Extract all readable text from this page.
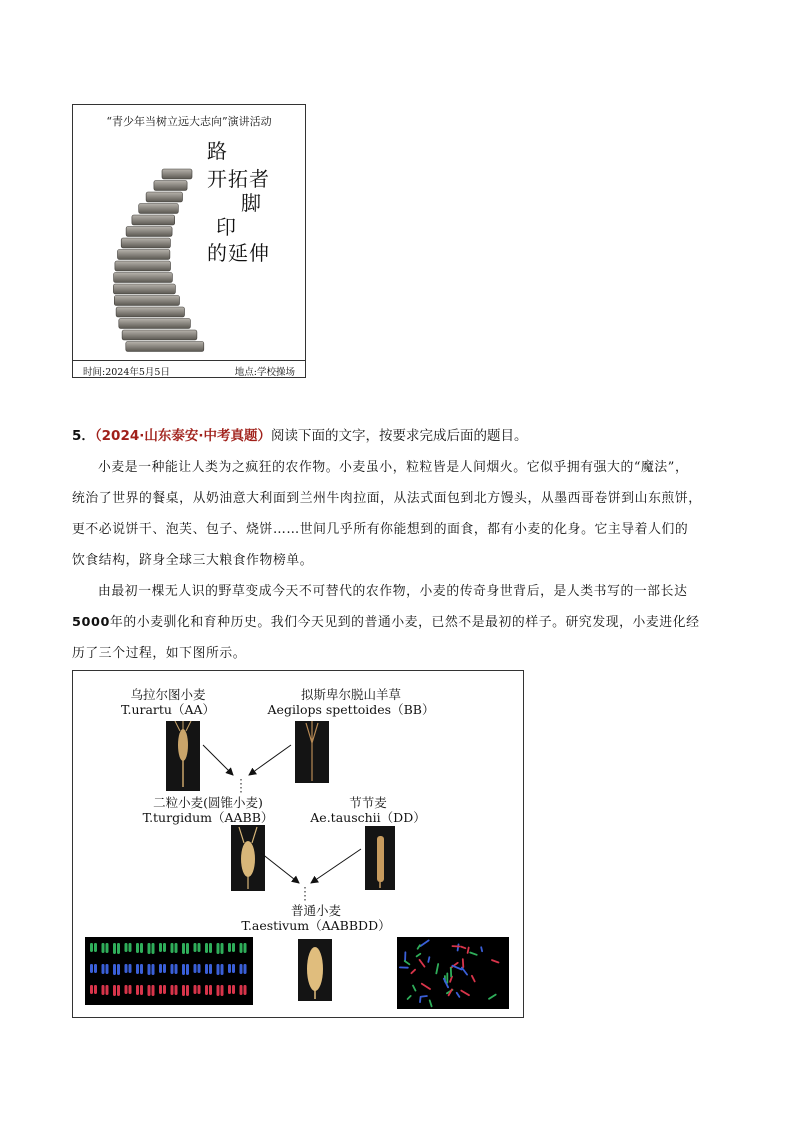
“青少年当树立远大志向”演讲活动
路
开 拓 者
脚
印
的 延 伸
时间:2024年5月5日	地点:学校操场
5．（2024·山东泰安·中考真题）阅读下面的文字，按要求完成后面的题目。
小麦是一种能让人类为之疯狂的农作物。小麦虽小，粒粒皆是人间烟火。它似乎拥有强大的“魔法”，
统治了世界的餐桌，从奶油意大利面到兰州牛肉拉面，从法式面包到北方馒头，从墨西哥卷饼到山东煎饼，
更不必说饼干、泡芙、包子、烧饼……世间几乎所有你能想到的面食，都有小麦的化身。它主导着人们的
饮食结构，跻身全球三大粮食作物榜单。
由最初一棵无人识的野草变成今天不可替代的农作物，小麦的传奇身世背后，是人类书写的一部长达
5000年的小麦驯化和育种历史。我们今天见到的普通小麦，已然不是最初的样子。研究发现，小麦进化经
历了三个过程，如下图所示。
乌拉尔图小麦
T.urartu（AA）
拟斯卑尔脱山羊草
Aegilops spettoides（BB）
二粒小麦(圆锥小麦)
T.turgidum（AABB）
节节麦
Ae.tauschii（DD）
普通小麦
T.aestivum（AABBDD）
